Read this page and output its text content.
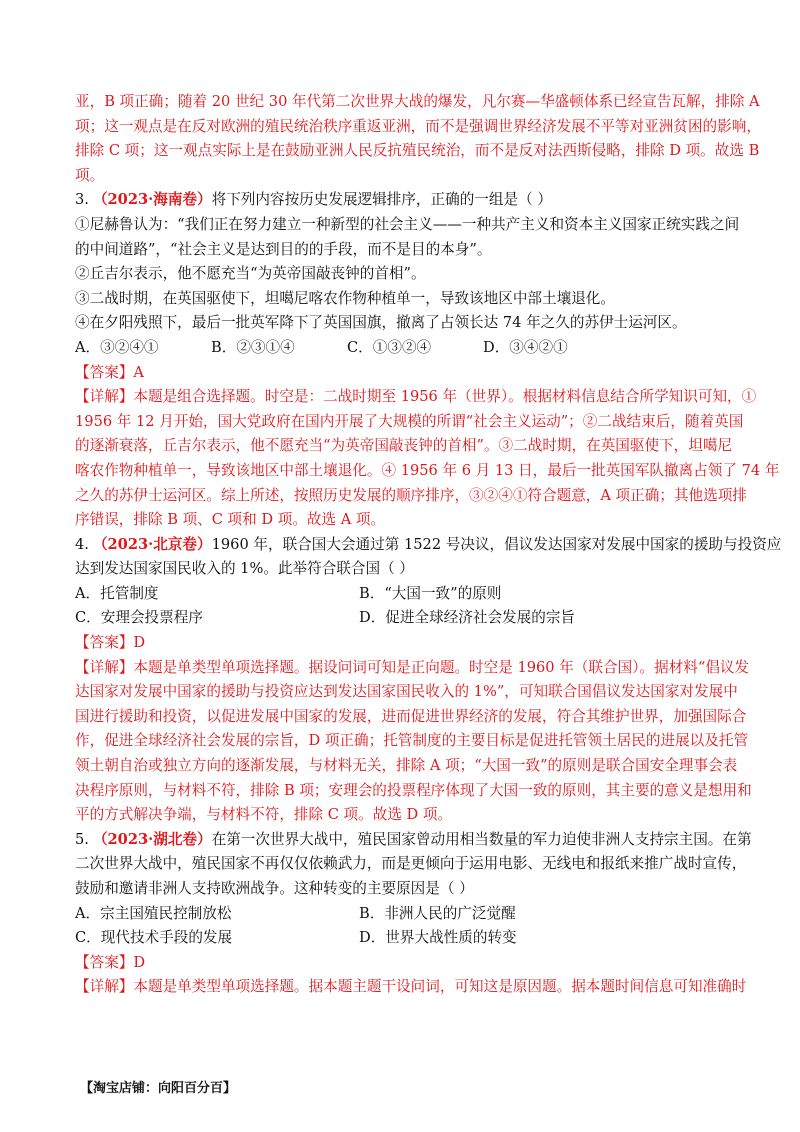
亚，B 项正确；随着 20 世纪 30 年代第二次世界大战的爆发，凡尔赛—华盛顿体系已经宣告瓦解，排除 A
项；这一观点是在反对欧洲的殖民统治秩序重返亚洲，而不是强调世界经济发展不平等对亚洲贫困的影响，
排除 C 项；这一观点实际上是在鼓励亚洲人民反抗殖民统治，而不是反对法西斯侵略，排除 D 项。故选 B
项。
3. （2023·海南卷）将下列内容按历史发展逻辑排序，正确的一组是（ ）
①尼赫鲁认为：“我们正在努力建立一种新型的社会主义——一种共产主义和资本主义国家正统实践之间
的中间道路”，“社会主义是达到目的的手段，而不是目的本身”。
②丘吉尔表示，他不愿充当“为英帝国敲丧钟的首相”。
③二战时期，在英国驱使下，坦噶尼喀农作物种植单一，导致该地区中部土壤退化。
④在夕阳残照下，最后一批英军降下了英国国旗，撤离了占领长达 74 年之久的苏伊士运河区。
A．③②④①	B．②③①④	C．①③②④	D．③④②①
【答案】A
【详解】本题是组合选择题。时空是：二战时期至 1956 年（世界）。根据材料信息结合所学知识可知，①
1956 年 12 月开始，国大党政府在国内开展了大规模的所谓“社会主义运动”；②二战结束后，随着英国
的逐渐衰落，丘吉尔表示，他不愿充当“为英帝国敲丧钟的首相”。③二战时期，在英国驱使下，坦噶尼
喀农作物种植单一，导致该地区中部土壤退化。④ 1956 年 6 月 13 日，最后一批英国军队撤离占领了 74 年
之久的苏伊士运河区。综上所述，按照历史发展的顺序排序，③②④①符合题意，A 项正确；其他选项排
序错误，排除 B 项、C 项和 D 项。故选 A 项。
4. （2023·北京卷）1960 年，联合国大会通过第 1522 号决议，倡议发达国家对发展中国家的援助与投资应
达到发达国家国民收入的 1%。此举符合联合国（ ）
A．托管制度	B．“大国一致”的原则
C．安理会投票程序	D．促进全球经济社会发展的宗旨
【答案】D
【详解】本题是单类型单项选择题。据设问词可知是正向题。时空是 1960 年（联合国）。据材料“倡议发
达国家对发展中国家的援助与投资应达到发达国家国民收入的 1%”，可知联合国倡议发达国家对发展中
国进行援助和投资，以促进发展中国家的发展，进而促进世界经济的发展，符合其维护世界，加强国际合
作，促进全球经济社会发展的宗旨，D 项正确；托管制度的主要目标是促进托管领土居民的进展以及托管
领土朝自治或独立方向的逐渐发展，与材料无关，排除 A 项；“大国一致”的原则是联合国安全理事会表
决程序原则，与材料不符，排除 B 项；安理会的投票程序体现了大国一致的原则，其主要的意义是想用和
平的方式解决争端，与材料不符，排除 C 项。故选 D 项。
5. （2023·湖北卷）在第一次世界大战中，殖民国家曾动用相当数量的军力迫使非洲人支持宗主国。在第
二次世界大战中，殖民国家不再仅仅依赖武力，而是更倾向于运用电影、无线电和报纸来推广战时宣传，
鼓励和邀请非洲人支持欧洲战争。这种转变的主要原因是（ ）
A．宗主国殖民控制放松	B．非洲人民的广泛觉醒
C．现代技术手段的发展	D．世界大战性质的转变
【答案】D
【详解】本题是单类型单项选择题。据本题主题干设问词，可知这是原因题。据本题时间信息可知准确时
【淘宝店铺：向阳百分百】
